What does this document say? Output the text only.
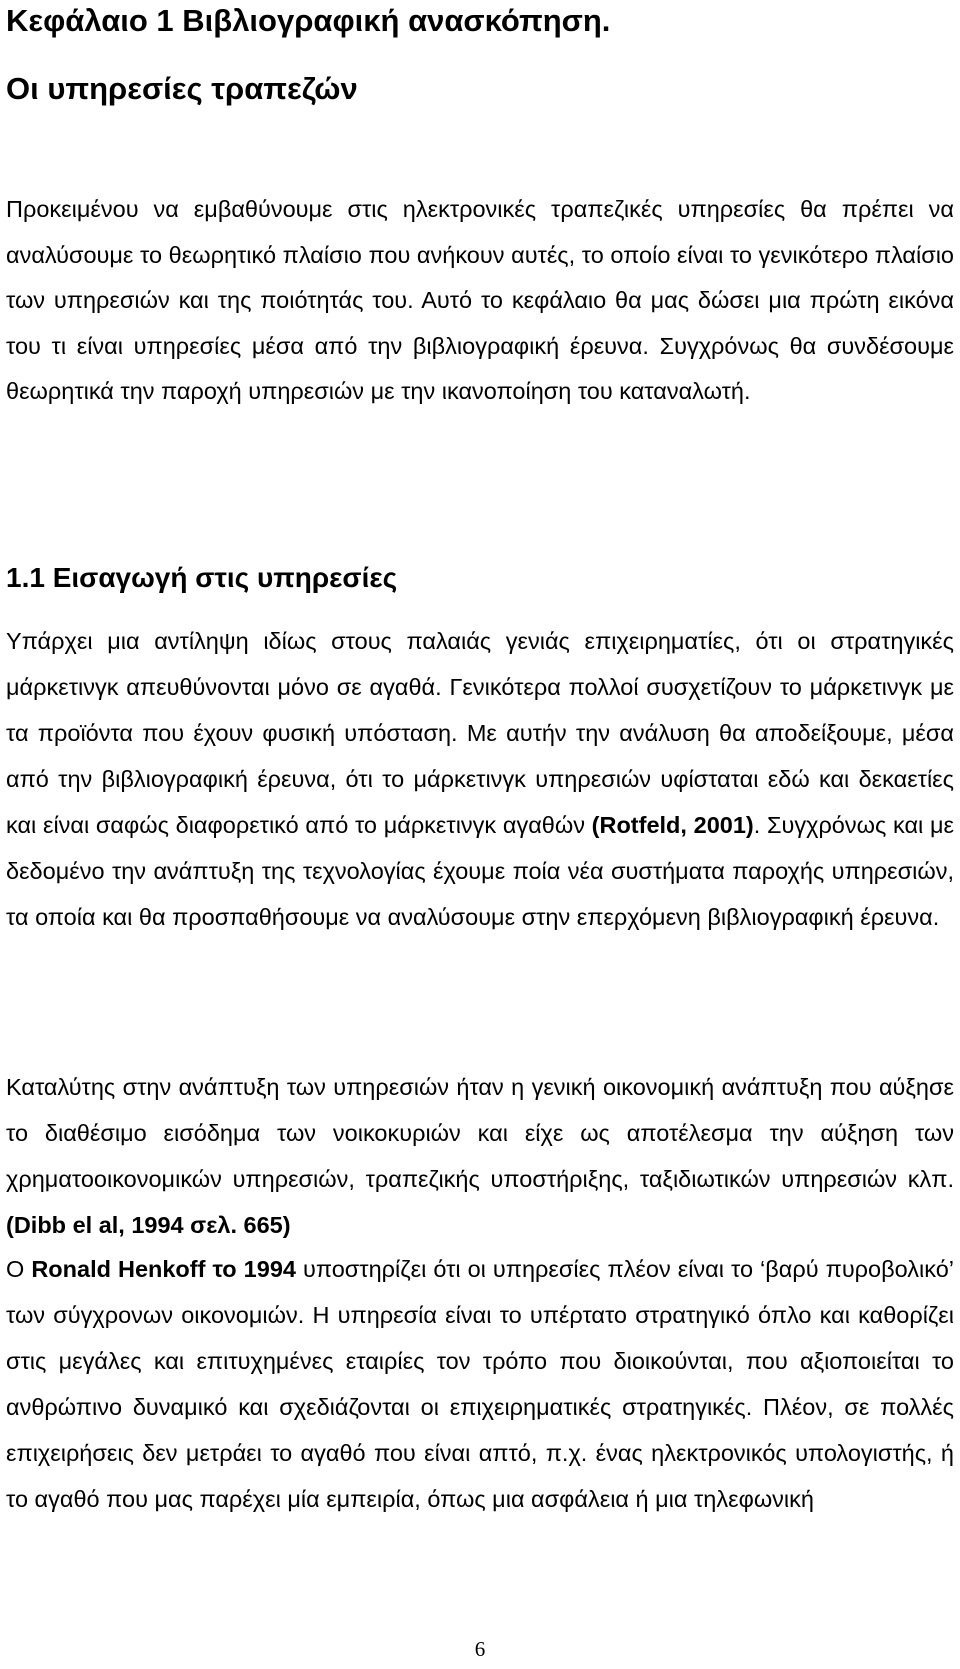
Κεφάλαιο 1 Βιβλιογραφική ανασκόπηση.
Οι υπηρεσίες τραπεζών

Προκειμένου να εμβαθύνουμε στις ηλεκτρονικές τραπεζικές υπηρεσίες θα πρέπει να αναλύσουμε το θεωρητικό πλαίσιο που ανήκουν αυτές, το οποίο είναι το γενικότερο πλαίσιο των υπηρεσιών και της ποιότητάς του. Αυτό το κεφάλαιο θα μας δώσει μια πρώτη εικόνα του τι είναι υπηρεσίες μέσα από την βιβλιογραφική έρευνα. Συγχρόνως θα συνδέσουμε θεωρητικά την παροχή υπηρεσιών με την ικανοποίηση του καταναλωτή.

1.1 Εισαγωγή στις υπηρεσίες

Υπάρχει μια αντίληψη ιδίως στους παλαιάς γενιάς επιχειρηματίες, ότι οι στρατηγικές μάρκετινγκ απευθύνονται μόνο σε αγαθά. Γενικότερα πολλοί συσχετίζουν το μάρκετινγκ με τα προϊόντα που έχουν φυσική υπόσταση. Με αυτήν την ανάλυση θα αποδείξουμε, μέσα από την βιβλιογραφική έρευνα, ότι το μάρκετινγκ υπηρεσιών υφίσταται εδώ και δεκαετίες και είναι σαφώς διαφορετικό από το μάρκετινγκ αγαθών (Rotfeld, 2001). Συγχρόνως και με δεδομένο την ανάπτυξη της τεχνολογίας έχουμε ποία νέα συστήματα παροχής υπηρεσιών, τα οποία και θα προσπαθήσουμε να αναλύσουμε στην επερχόμενη βιβλιογραφική έρευνα.

Καταλύτης στην ανάπτυξη των υπηρεσιών ήταν η γενική οικονομική ανάπτυξη που αύξησε το διαθέσιμο εισόδημα των νοικοκυριών και είχε ως αποτέλεσμα την αύξηση των χρηματοοικονομικών υπηρεσιών, τραπεζικής υποστήριξης, ταξιδιωτικών υπηρεσιών κλπ. (Dibb el al, 1994 σελ. 665)

Ο Ronald Henkoff το 1994 υποστηρίζει ότι οι υπηρεσίες πλέον είναι το ‘βαρύ πυροβολικό’ των σύγχρονων οικονομιών. Η υπηρεσία είναι το υπέρτατο στρατηγικό όπλο και καθορίζει στις μεγάλες και επιτυχημένες εταιρίες τον τρόπο που διοικούνται, που αξιοποιείται το ανθρώπινο δυναμικό και σχεδιάζονται οι επιχειρηματικές στρατηγικές. Πλέον, σε πολλές επιχειρήσεις δεν μετράει το αγαθό που είναι απτό, π.χ. ένας ηλεκτρονικός υπολογιστής, ή το αγαθό που μας παρέχει μία εμπειρία, όπως μια ασφάλεια ή μια τηλεφωνική

6
